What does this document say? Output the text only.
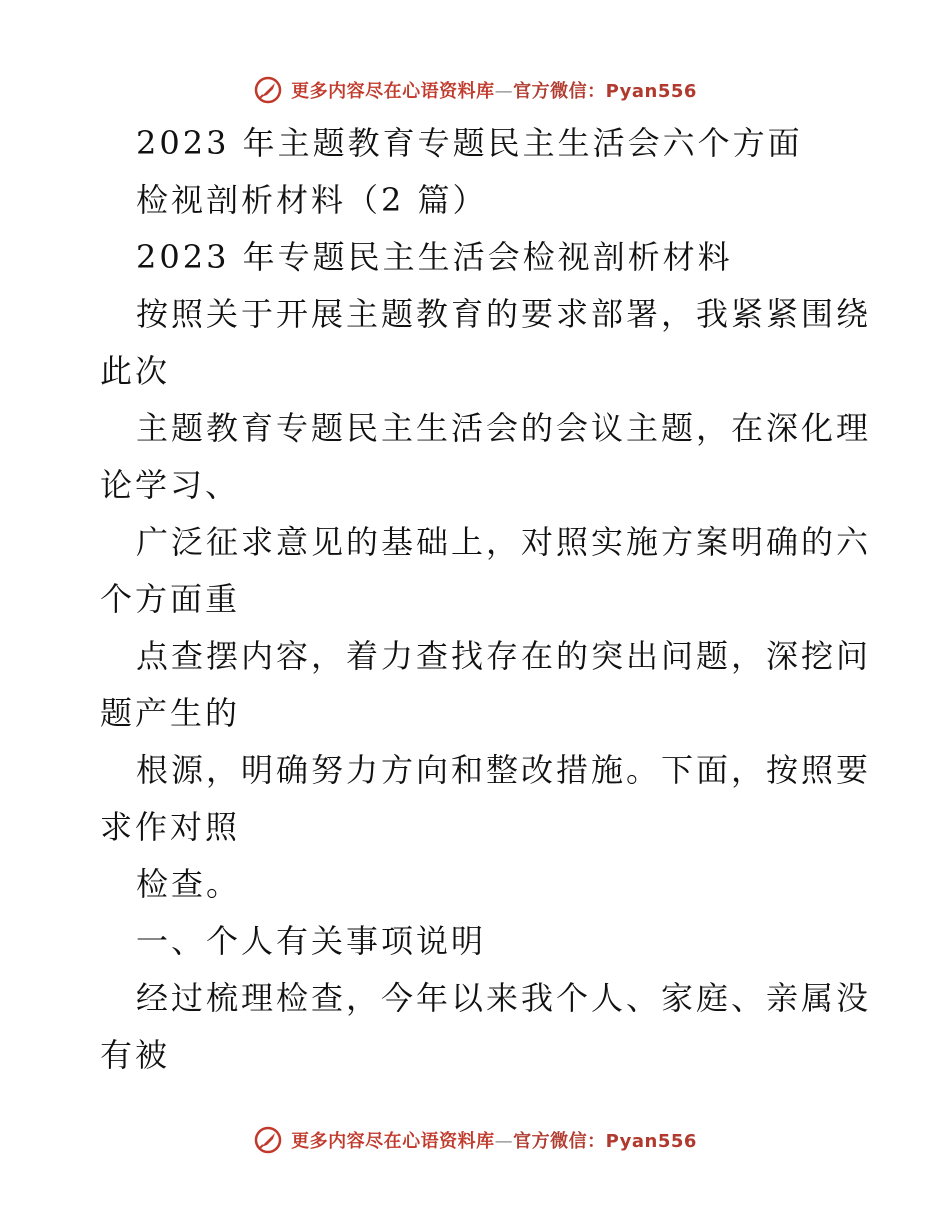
更多内容尽在心语资料库—官方微信：Pyan556
2023 年主题教育专题民主生活会六个方面
检视剖析材料（2 篇）
2023 年专题民主生活会检视剖析材料
按照关于开展主题教育的要求部署，我紧紧围绕
此次
主题教育专题民主生活会的会议主题，在深化理
论学习、
广泛征求意见的基础上，对照实施方案明确的六
个方面重
点查摆内容，着力查找存在的突出问题，深挖问
题产生的
根源，明确努力方向和整改措施。下面，按照要
求作对照
检查。
一、个人有关事项说明
经过梳理检查，今年以来我个人、家庭、亲属没
有被
更多内容尽在心语资料库—官方微信：Pyan556
